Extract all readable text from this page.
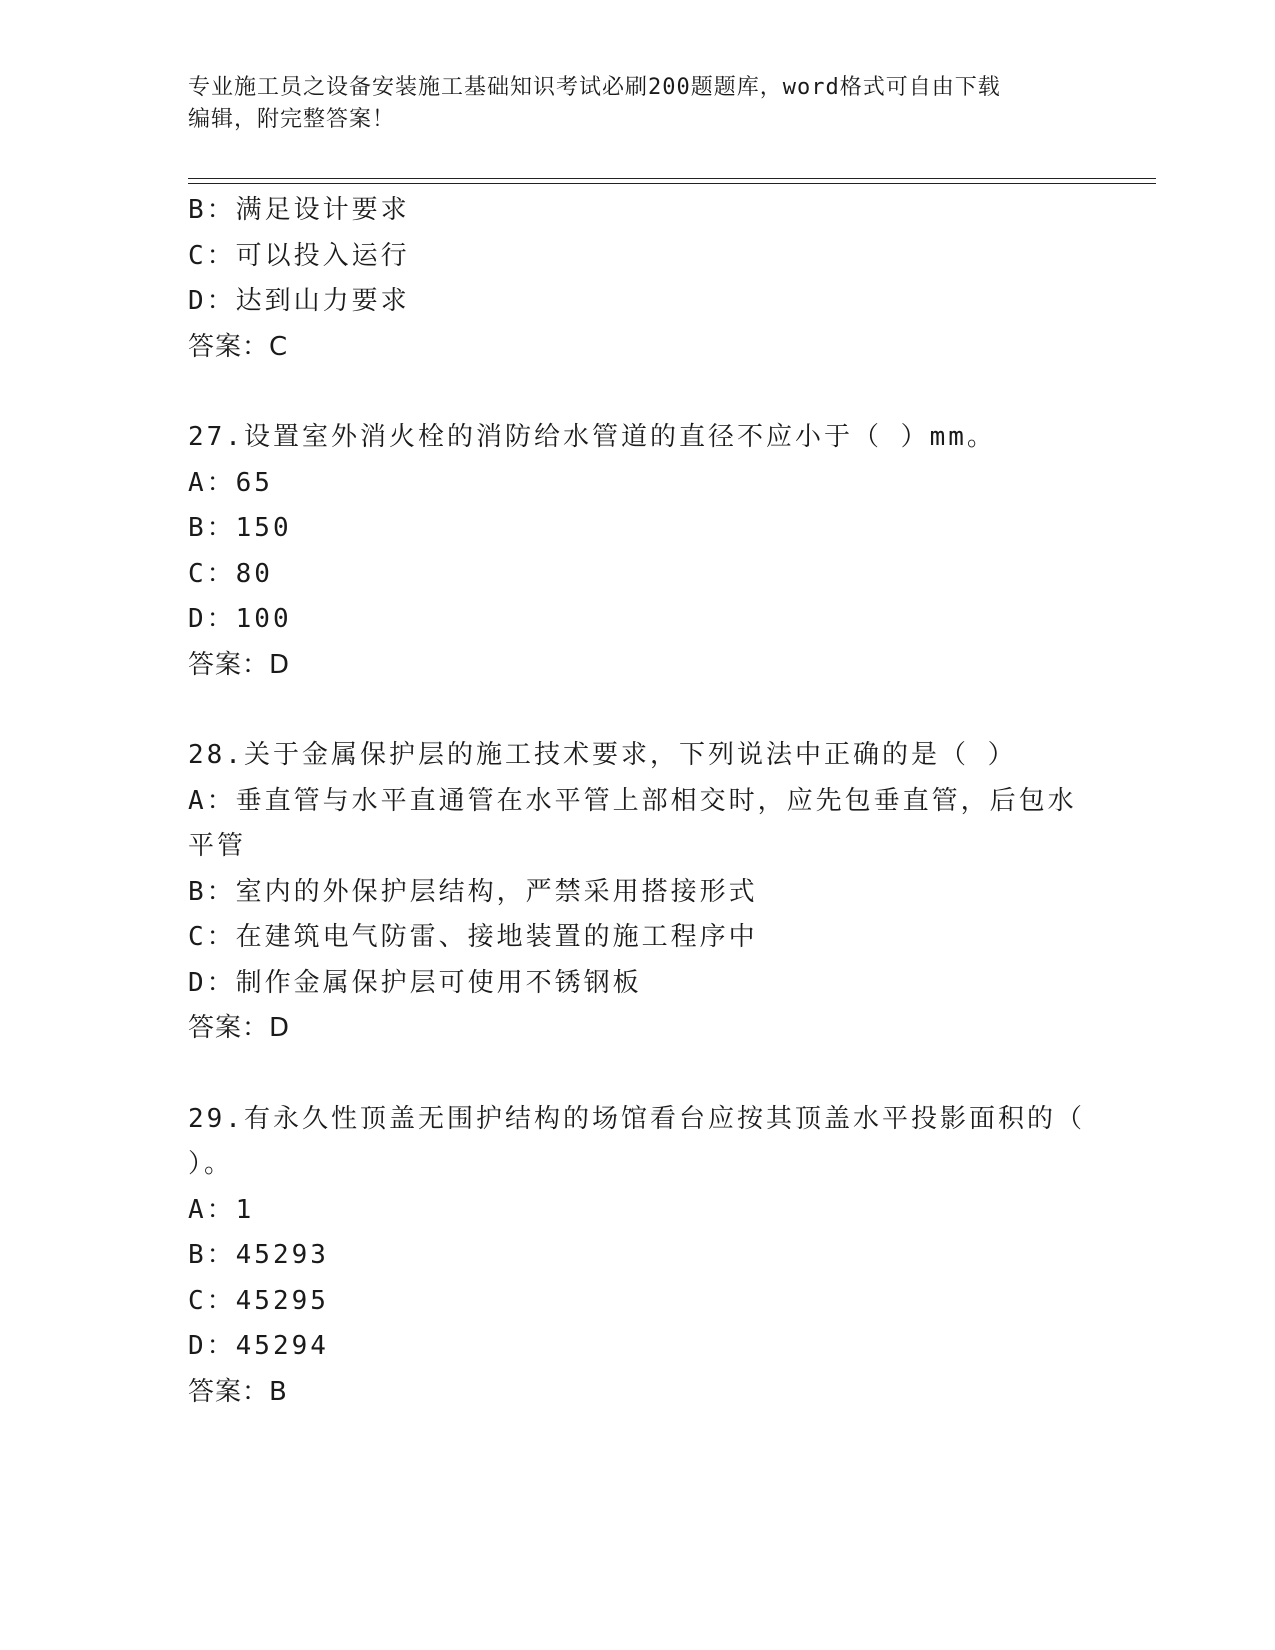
专业施工员之设备安装施工基础知识考试必刷200题题库，word格式可自由下载
编辑，附完整答案！
B：满足设计要求
C：可以投入运行
D：达到山力要求
答案：C
27.设置室外消火栓的消防给水管道的直径不应小于（ ）mm。
A：65
B：150
C：80
D：100
答案：D
28.关于金属保护层的施工技术要求，下列说法中正确的是（ ）
A：垂直管与水平直通管在水平管上部相交时，应先包垂直管，后包水
平管
B：室内的外保护层结构，严禁采用搭接形式
C：在建筑电气防雷、接地装置的施工程序中
D：制作金属保护层可使用不锈钢板
答案：D
29.有永久性顶盖无围护结构的场馆看台应按其顶盖水平投影面积的（
）。
A：1
B：45293
C：45295
D：45294
答案：B
